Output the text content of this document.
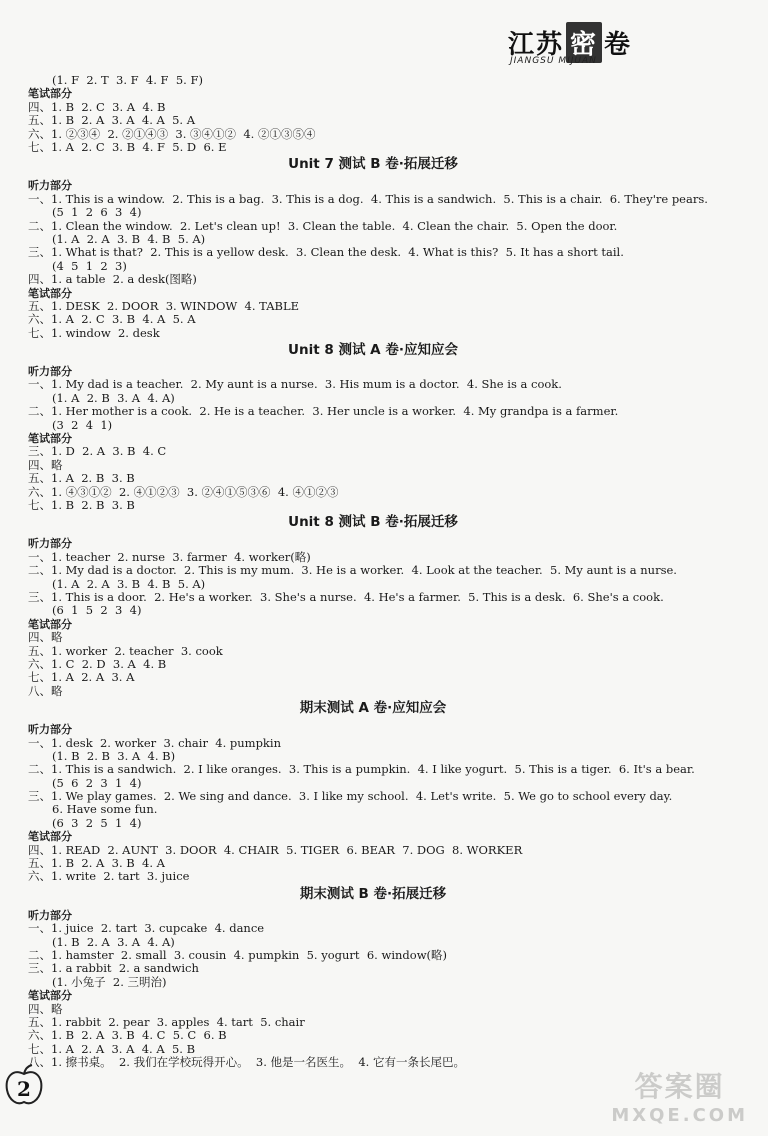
江苏 密 卷
JIANGSU MIJUAN
(1. F  2. T  3. F  4. F  5. F)
笔试部分
四、1. B  2. C  3. A  4. B
五、1. B  2. A  3. A  4. A  5. A
六、1. ②③④  2. ②①④③  3. ③④①②  4. ②①③⑤④
七、1. A  2. C  3. B  4. F  5. D  6. E
Unit 7 测试 B 卷·拓展迁移
听力部分
一、1. This is a window.  2. This is a bag.  3. This is a dog.  4. This is a sandwich.  5. This is a chair.  6. They're pears.
(5  1  2  6  3  4)
二、1. Clean the window.  2. Let's clean up!  3. Clean the table.  4. Clean the chair.  5. Open the door.
(1. A  2. A  3. B  4. B  5. A)
三、1. What is that?  2. This is a yellow desk.  3. Clean the desk.  4. What is this?  5. It has a short tail.
(4  5  1  2  3)
四、1. a table  2. a desk(图略)
笔试部分
五、1. DESK  2. DOOR  3. WINDOW  4. TABLE
六、1. A  2. C  3. B  4. A  5. A
七、1. window  2. desk
Unit 8 测试 A 卷·应知应会
听力部分
一、1. My dad is a teacher.  2. My aunt is a nurse.  3. His mum is a doctor.  4. She is a cook.
(1. A  2. B  3. A  4. A)
二、1. Her mother is a cook.  2. He is a teacher.  3. Her uncle is a worker.  4. My grandpa is a farmer.
(3  2  4  1)
笔试部分
三、1. D  2. A  3. B  4. C
四、略
五、1. A  2. B  3. B
六、1. ④③①②  2. ④①②③  3. ②④①⑤③⑥  4. ④①②③
七、1. B  2. B  3. B
Unit 8 测试 B 卷·拓展迁移
听力部分
一、1. teacher  2. nurse  3. farmer  4. worker(略)
二、1. My dad is a doctor.  2. This is my mum.  3. He is a worker.  4. Look at the teacher.  5. My aunt is a nurse.
(1. A  2. A  3. B  4. B  5. A)
三、1. This is a door.  2. He's a worker.  3. She's a nurse.  4. He's a farmer.  5. This is a desk.  6. She's a cook.
(6  1  5  2  3  4)
笔试部分
四、略
五、1. worker  2. teacher  3. cook
六、1. C  2. D  3. A  4. B
七、1. A  2. A  3. A
八、略
期末测试 A 卷·应知应会
听力部分
一、1. desk  2. worker  3. chair  4. pumpkin
(1. B  2. B  3. A  4. B)
二、1. This is a sandwich.  2. I like oranges.  3. This is a pumpkin.  4. I like yogurt.  5. This is a tiger.  6. It's a bear.
(5  6  2  3  1  4)
三、1. We play games.  2. We sing and dance.  3. I like my school.  4. Let's write.  5. We go to school every day.
6. Have some fun.
(6  3  2  5  1  4)
笔试部分
四、1. READ  2. AUNT  3. DOOR  4. CHAIR  5. TIGER  6. BEAR  7. DOG  8. WORKER
五、1. B  2. A  3. B  4. A
六、1. write  2. tart  3. juice
期末测试 B 卷·拓展迁移
听力部分
一、1. juice  2. tart  3. cupcake  4. dance
(1. B  2. A  3. A  4. A)
二、1. hamster  2. small  3. cousin  4. pumpkin  5. yogurt  6. window(略)
三、1. a rabbit  2. a sandwich
(1. 小兔子  2. 三明治)
笔试部分
四、略
五、1. rabbit  2. pear  3. apples  4. tart  5. chair
六、1. B  2. A  3. B  4. C  5. C  6. B
七、1. A  2. A  3. A  4. A  5. B
八、1. 擦书桌。  2. 我们在学校玩得开心。  3. 他是一名医生。  4. 它有一条长尾巴。
2	答案圈
MXQE.COM
